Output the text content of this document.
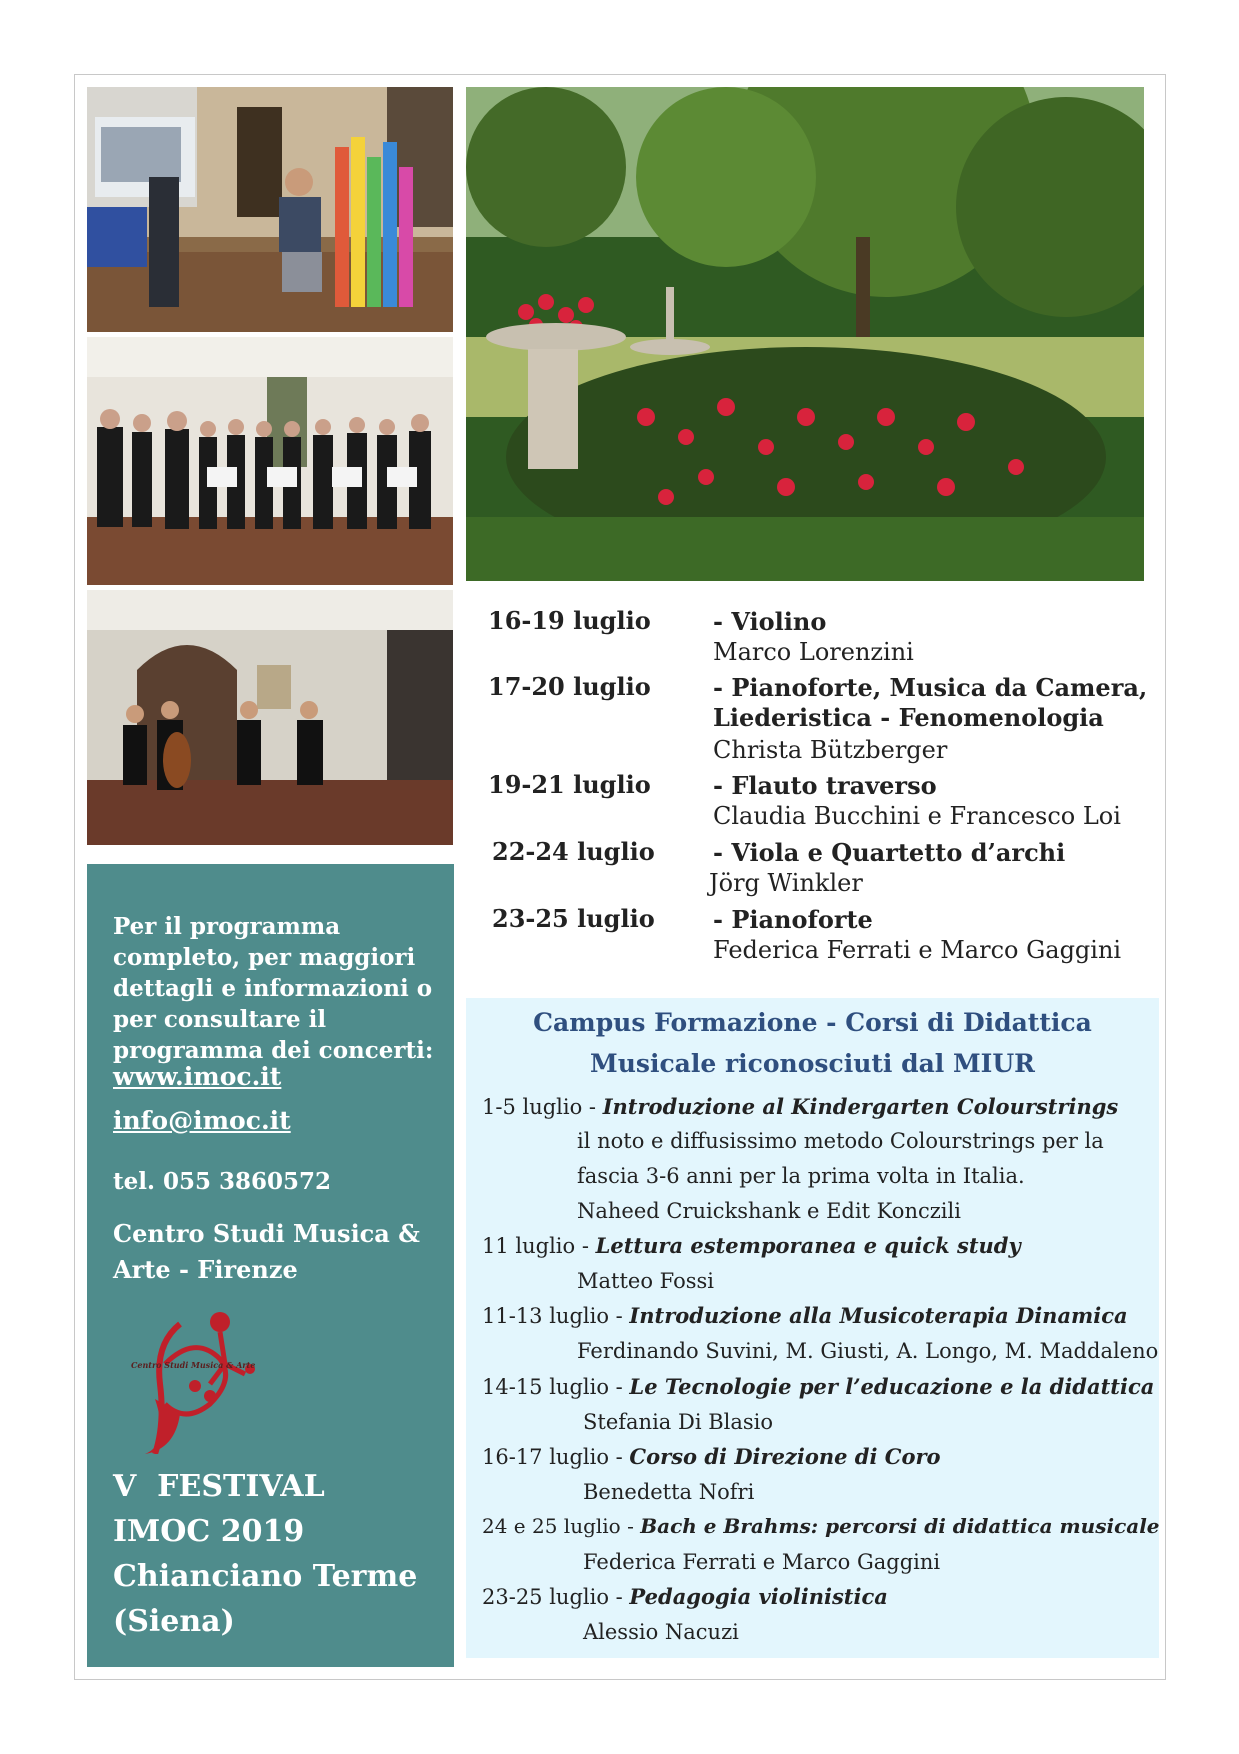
Per il programma completo, per maggiori dettagli e informazioni o per consultare il programma dei concerti:
www.imoc.it
info@imoc.it
tel. 055 3860572
Centro Studi Musica & Arte - Firenze
Centro Studi Musica & Arte
V  FESTIVAL
IMOC 2019
Chianciano Terme
(Siena)
16-19 luglio	- Violino
Marco Lorenzini
17-20 luglio	- Pianoforte, Musica da Camera,
Liederistica - Fenomenologia
Christa Bützberger
19-21 luglio	- Flauto traverso
Claudia Bucchini e Francesco Loi
22-24 luglio - Viola e Quartetto d’archi
Jörg Winkler
23-25 luglio - Pianoforte
Federica Ferrati e Marco Gaggini
Campus Formazione - Corsi di Didattica
Musicale riconosciuti dal MIUR
1-5 luglio - Introduzione al Kindergarten Colourstrings
il noto e diffusissimo metodo Colourstrings per la
fascia 3-6 anni per la prima volta in Italia.
Naheed Cruickshank e Edit Konczili
11 luglio - Lettura estemporanea e quick study
Matteo Fossi
11-13 luglio - Introduzione alla Musicoterapia Dinamica
Ferdinando Suvini, M. Giusti, A. Longo, M. Maddaleno
14-15 luglio - Le Tecnologie per l’educazione e la didattica
Stefania Di Blasio
16-17 luglio - Corso di Direzione di Coro
Benedetta Nofri
24 e 25 luglio - Bach e Brahms: percorsi di didattica musicale
Federica Ferrati e Marco Gaggini
23-25 luglio - Pedagogia violinistica
Alessio Nacuzi
